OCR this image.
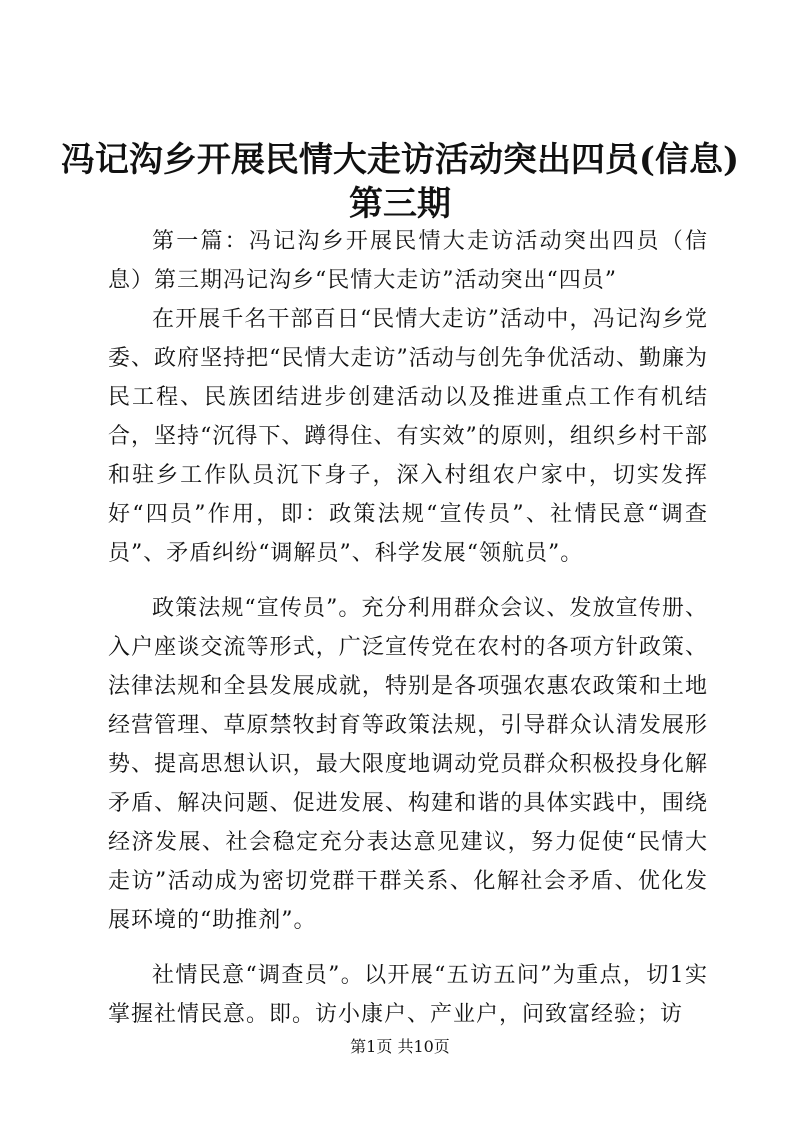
冯记沟乡开展民情大走访活动突出四员(信息)
第三期

第一篇：冯记沟乡开展民情大走访活动突出四员（信息）第三期冯记沟乡“民情大走访”活动突出“四员”

在开展千名干部百日“民情大走访”活动中，冯记沟乡党委、政府坚持把“民情大走访”活动与创先争优活动、勤廉为民工程、民族团结进步创建活动以及推进重点工作有机结合，坚持“沉得下、蹲得住、有实效”的原则，组织乡村干部和驻乡工作队员沉下身子，深入村组农户家中，切实发挥好“四员”作用，即：政策法规“宣传员”、社情民意“调查员”、矛盾纠纷“调解员”、科学发展“领航员”。

政策法规“宣传员”。充分利用群众会议、发放宣传册、入户座谈交流等形式，广泛宣传党在农村的各项方针政策、法律法规和全县发展成就，特别是各项强农惠农政策和土地经营管理、草原禁牧封育等政策法规，引导群众认清发展形势、提高思想认识，最大限度地调动党员群众积极投身化解矛盾、解决问题、促进发展、构建和谐的具体实践中，围绕经济发展、社会稳定充分表达意见建议，努力促使“民情大走访”活动成为密切党群干群关系、化解社会矛盾、优化发展环境的“助推剂”。

社情民意“调查员”。以开展“五访五问”为重点，切1实掌握社情民意。即。访小康户、产业户，问致富经验；访

第1页 共10页
